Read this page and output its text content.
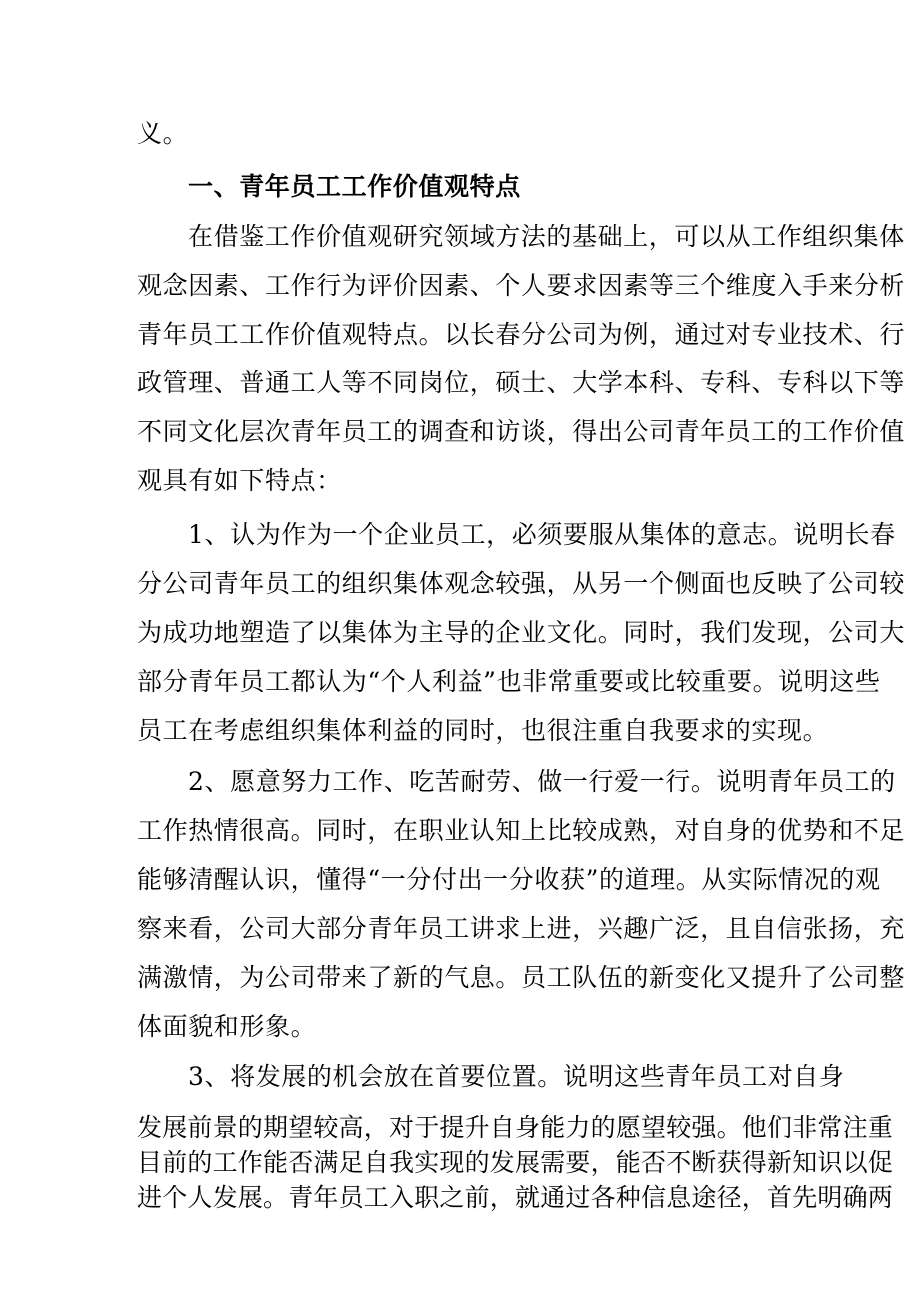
义。
一、青年员工工作价值观特点
在借鉴工作价值观研究领域方法的基础上，可以从工作组织集体
观念因素、工作行为评价因素、个人要求因素等三个维度入手来分析
青年员工工作价值观特点。以长春分公司为例，通过对专业技术、行
政管理、普通工人等不同岗位，硕士、大学本科、专科、专科以下等
不同文化层次青年员工的调查和访谈，得出公司青年员工的工作价值
观具有如下特点：
1、认为作为一个企业员工，必须要服从集体的意志。说明长春
分公司青年员工的组织集体观念较强，从另一个侧面也反映了公司较
为成功地塑造了以集体为主导的企业文化。同时，我们发现，公司大
部分青年员工都认为“个人利益”也非常重要或比较重要。说明这些
员工在考虑组织集体利益的同时，也很注重自我要求的实现。
2、愿意努力工作、吃苦耐劳、做一行爱一行。说明青年员工的
工作热情很高。同时，在职业认知上比较成熟，对自身的优势和不足
能够清醒认识，懂得“一分付出一分收获”的道理。从实际情况的观
察来看，公司大部分青年员工讲求上进，兴趣广泛，且自信张扬，充
满激情，为公司带来了新的气息。员工队伍的新变化又提升了公司整
体面貌和形象。
3、将发展的机会放在首要位置。说明这些青年员工对自身
发展前景的期望较高，对于提升自身能力的愿望较强。他们非常注重
目前的工作能否满足自我实现的发展需要，能否不断获得新知识以促
进个人发展。青年员工入职之前，就通过各种信息途径，首先明确两
